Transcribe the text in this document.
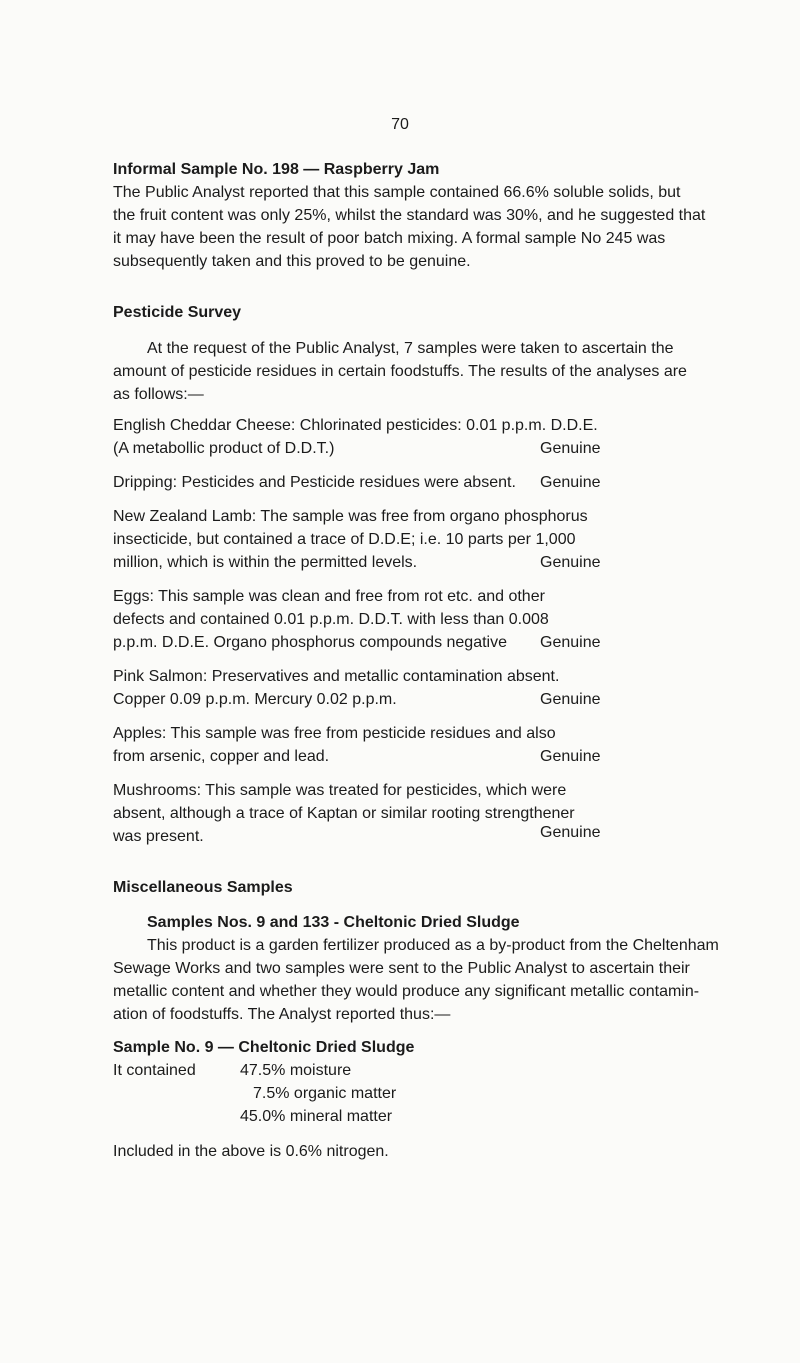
70
Informal Sample No. 198 — Raspberry Jam
The Public Analyst reported that this sample contained 66.6% soluble solids, but
the fruit content was only 25%, whilst the standard was 30%, and he suggested that
it may have been the result of poor batch mixing. A formal sample No 245 was
subsequently taken and this proved to be genuine.
Pesticide Survey
At the request of the Public Analyst, 7 samples were taken to ascertain the
amount of pesticide residues in certain foodstuffs. The results of the analyses are
as follows:—
English Cheddar Cheese: Chlorinated pesticides: 0.01 p.p.m. D.D.E.
(A metabollic product of D.D.T.)	Genuine
Dripping: Pesticides and Pesticide residues were absent. Genuine
New Zealand Lamb: The sample was free from organo phosphorus
insecticide, but contained a trace of D.D.E; i.e. 10 parts per 1,000
million, which is within the permitted levels.	Genuine
Eggs: This sample was clean and free from rot etc. and other
defects and contained 0.01 p.p.m. D.D.T. with less than 0.008
p.p.m. D.D.E. Organo phosphorus compounds negative Genuine
Pink Salmon: Preservatives and metallic contamination absent.
Copper 0.09 p.p.m. Mercury 0.02 p.p.m.	Genuine
Apples: This sample was free from pesticide residues and also
from arsenic, copper and lead.	Genuine
Mushrooms: This sample was treated for pesticides, which were
absent, although a trace of Kaptan or similar rooting strengthener
was present.	Genuine
Miscellaneous Samples
Samples Nos. 9 and 133 - Cheltonic Dried Sludge
This product is a garden fertilizer produced as a by-product from the Cheltenham
Sewage Works and two samples were sent to the Public Analyst to ascertain their
metallic content and whether they would produce any significant metallic contamin-
ation of foodstuffs. The Analyst reported thus:—
Sample No. 9 — Cheltonic Dried Sludge
It contained	47.5% moisture
7.5% organic matter
45.0% mineral matter
Included in the above is 0.6% nitrogen.
